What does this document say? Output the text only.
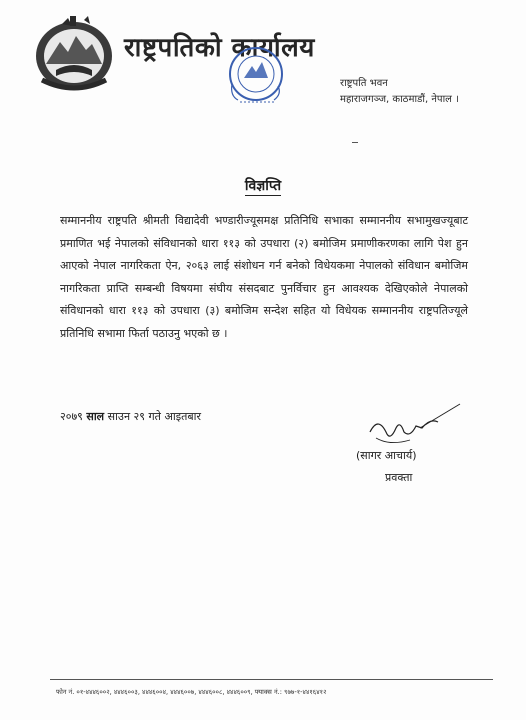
राष्ट्रपतिको कार्यालय
राष्ट्रपति भवन
महाराजगञ्ज, काठमाडौं, नेपाल ।
विज्ञप्ति
सम्माननीय राष्ट्रपति श्रीमती विद्यादेवी भण्डारीज्यूसमक्ष प्रतिनिधि सभाका सम्माननीय सभामुखज्यूबाट प्रमाणित भई नेपालको संविधानको धारा ११३ को उपधारा (२) बमोजिम प्रमाणीकरणका लागि पेश हुन आएको नेपाल नागरिकता ऐन, २०६३ लाई संशोधन गर्न बनेको विधेयकमा नेपालको संविधान बमोजिम नागरिकता प्राप्ति सम्बन्धी विषयमा संघीय संसदबाट पुनर्विचार हुन आवश्यक देखिएकोले नेपालको संविधानको धारा ११३ को उपधारा (३) बमोजिम सन्देश सहित यो विधेयक सम्माननीय राष्ट्रपतिज्यूले प्रतिनिधि सभामा फिर्ता पठाउनु भएको छ ।
२०७९ साल साउन २९ गते आइतबार
(सागर आचार्य)
प्रवक्ता
फोन नं. ०१-४४४६००२, ४४४६००३, ४४४६००४, ४४४६००७, ४४४६००८, ४४४६००९, फ्याक्स नं.: ९७७-१-४४१६४१२
